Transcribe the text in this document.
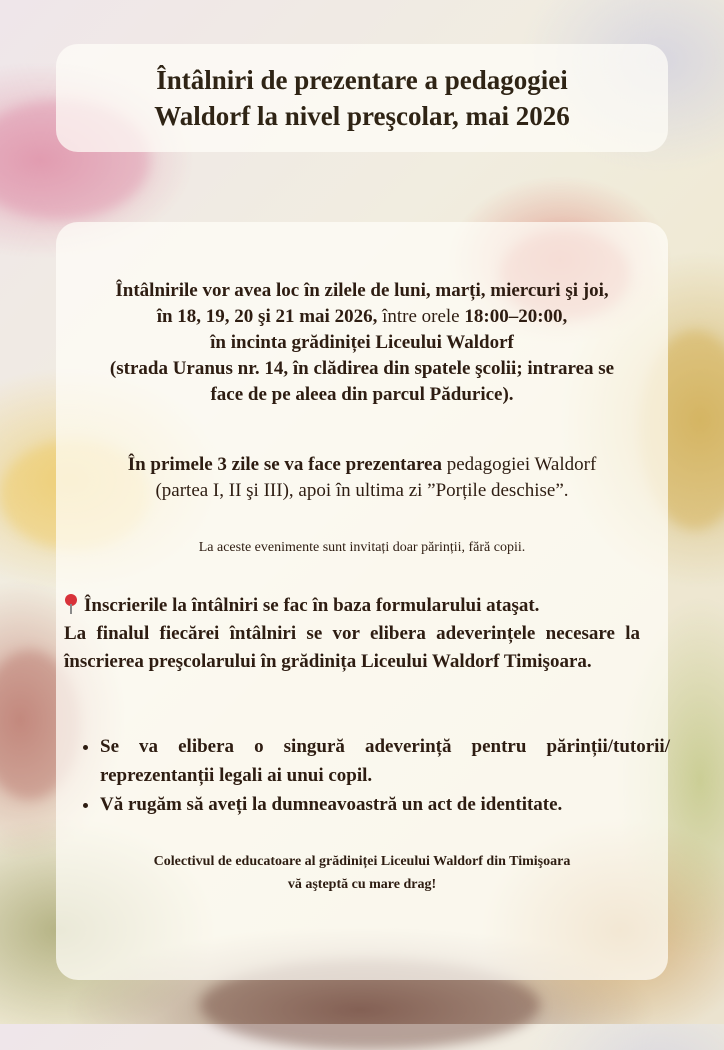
Întâlniri de prezentare a pedagogiei
Waldorf la nivel preşcolar, mai 2026
Întâlnirile vor avea loc în zilele de luni, marți, miercuri şi joi,
în 18, 19, 20 şi 21 mai 2026, între orele 18:00–20:00,
în incinta grădiniței Liceului Waldorf
(strada Uranus nr. 14, în clădirea din spatele şcolii; intrarea se
face de pe aleea din parcul Pădurice).
În primele 3 zile se va face prezentarea pedagogiei Waldorf
(partea I, II şi III), apoi în ultima zi ”Porțile deschise”.
La aceste evenimente sunt invitați doar părinții, fără copii.
Înscrierile la întâlniri se fac în baza formularului ataşat.
La finalul fiecărei întâlniri se vor elibera adeverințele necesare la înscrierea preşcolarului în grădinița Liceului Waldorf Timişoara.
• Se va elibera o singură adeverință pentru părinții/tutorii/ reprezentanții legali ai unui copil.
• Vă rugăm să aveți la dumneavoastră un act de identitate.
Colectivul de educatoare al grădiniței Liceului Waldorf din Timişoara
vă aşteptă cu mare drag!
